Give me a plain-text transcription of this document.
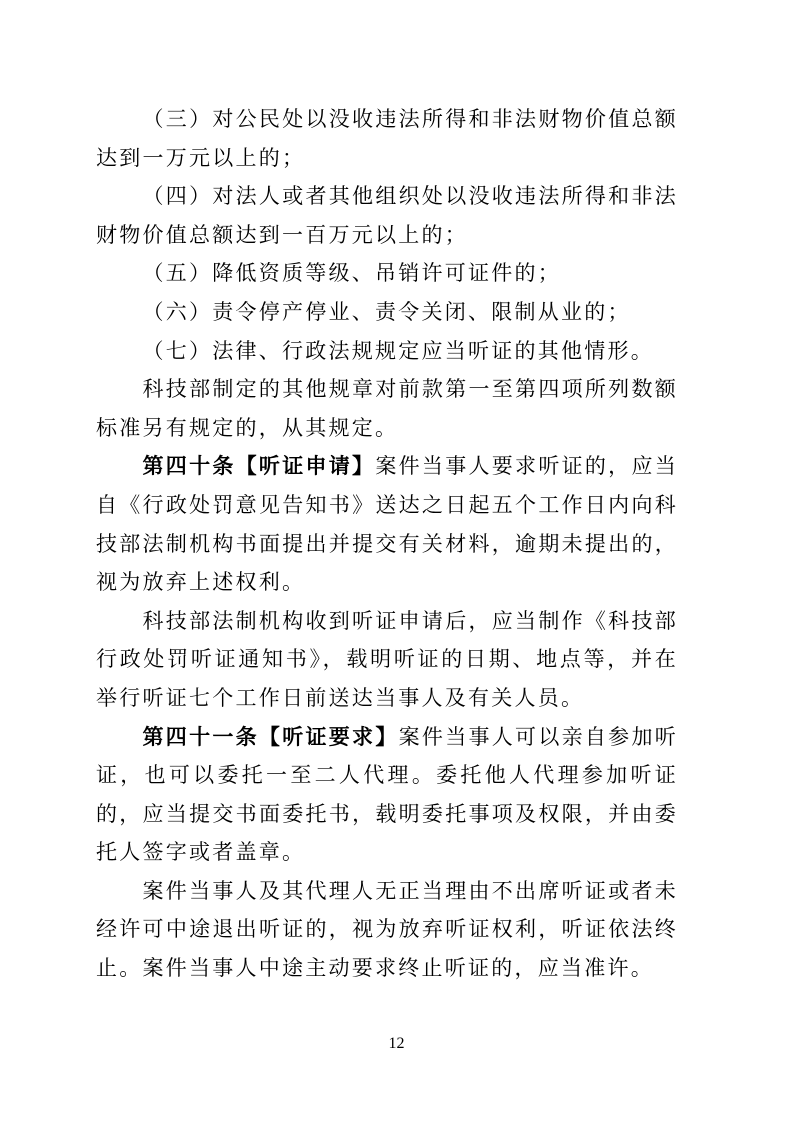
（三）对公民处以没收违法所得和非法财物价值总额达到一万元以上的；

（四）对法人或者其他组织处以没收违法所得和非法财物价值总额达到一百万元以上的；

（五）降低资质等级、吊销许可证件的；

（六）责令停产停业、责令关闭、限制从业的；

（七）法律、行政法规规定应当听证的其他情形。

科技部制定的其他规章对前款第一至第四项所列数额标准另有规定的，从其规定。

第四十条【听证申请】案件当事人要求听证的，应当自《行政处罚意见告知书》送达之日起五个工作日内向科技部法制机构书面提出并提交有关材料，逾期未提出的，视为放弃上述权利。

科技部法制机构收到听证申请后，应当制作《科技部行政处罚听证通知书》，载明听证的日期、地点等，并在举行听证七个工作日前送达当事人及有关人员。

第四十一条【听证要求】案件当事人可以亲自参加听证，也可以委托一至二人代理。委托他人代理参加听证的，应当提交书面委托书，载明委托事项及权限，并由委托人签字或者盖章。

案件当事人及其代理人无正当理由不出席听证或者未经许可中途退出听证的，视为放弃听证权利，听证依法终止。案件当事人中途主动要求终止听证的，应当准许。

12
